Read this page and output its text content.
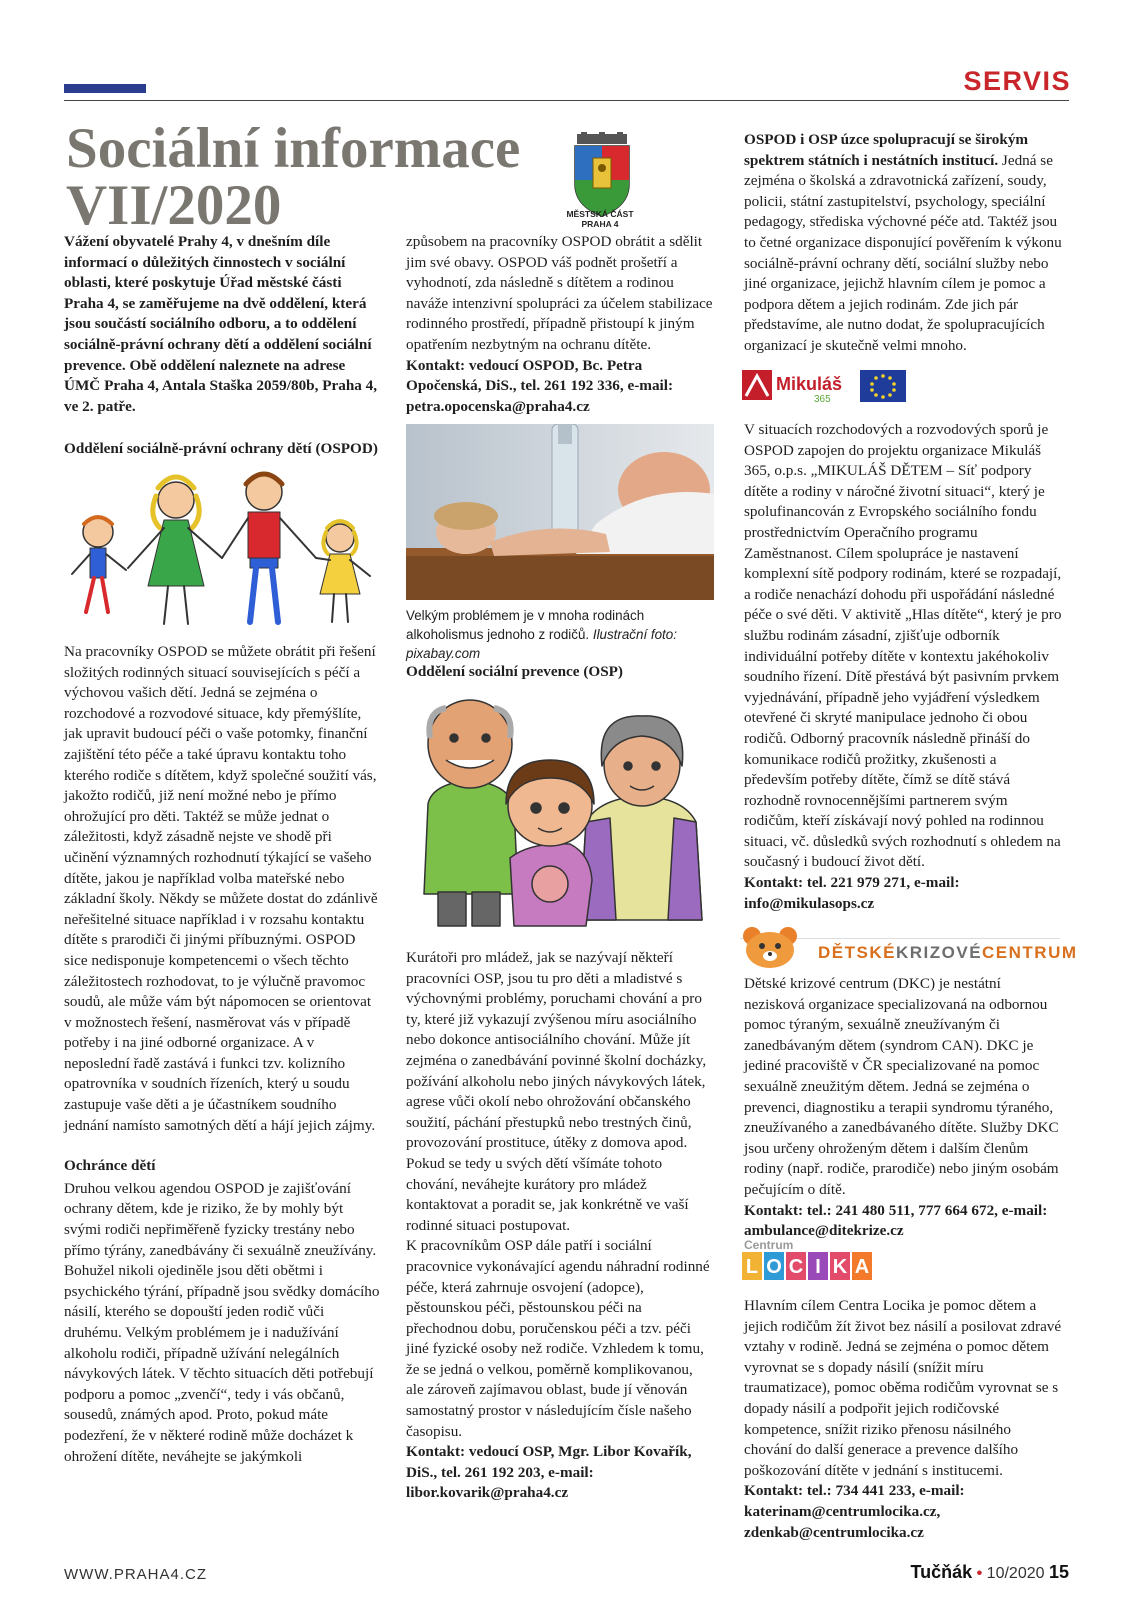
SERVIS
Sociální informace
VII/2020	MĚSTSKÁ ČÁST
PRAHA 4

Vážení obyvatelé Prahy 4, v dnešním díle informací o důležitých činnostech v sociální oblasti, které poskytuje Úřad městské části Praha 4, se zaměřujeme na dvě oddělení, která jsou součástí sociálního odboru, a to oddělení sociálně-právní ochrany dětí a oddělení sociální prevence. Obě oddělení naleznete na adrese ÚMČ Praha 4, Antala Staška 2059/80b, Praha 4, ve 2. patře.

Oddělení sociálně-právní ochrany dětí (OSPOD)

Na pracovníky OSPOD se můžete obrátit při řešení složitých rodinných situací souvisejících s péčí a výchovou vašich dětí. Jedná se zejména o rozchodové a rozvodové situace, kdy přemýšlíte, jak upravit budoucí péči o vaše potomky, finanční zajištění této péče a také úpravu kontaktu toho kterého rodiče s dítětem, když společné soužití vás, jakožto rodičů, již není možné nebo je přímo ohrožující pro děti. Taktéž se může jednat o záležitosti, když zásadně nejste ve shodě při učinění významných rozhodnutí týkající se vašeho dítěte, jakou je například volba mateřské nebo základní školy. Někdy se můžete dostat do zdánlivě neřešitelné situace například i v rozsahu kontaktu dítěte s prarodiči či jinými příbuznými. OSPOD sice nedisponuje kompetencemi o všech těchto záležitostech rozhodovat, to je výlučně pravomoc soudů, ale může vám být nápomocen se orientovat v možnostech řešení, nasměrovat vás v případě potřeby i na jiné odborné organizace. A v neposlední řadě zastává i funkci tzv. kolizního opatrovníka v soudních řízeních, který u soudu zastupuje vaše děti a je účastníkem soudního jednání namísto samotných dětí a hájí jejich zájmy.

Ochránce dětí

Druhou velkou agendou OSPOD je zajišťování ochrany dětem, kde je riziko, že by mohly být svými rodiči nepřiměřeně fyzicky trestány nebo přímo týrány, zanedbávány či sexuálně zneužívány. Bohužel nikoli ojediněle jsou děti obětmi i psychického týrání, případně jsou svědky domácího násilí, kterého se dopouští jeden rodič vůči druhému. Velkým problémem je i nadužívání alkoholu rodiči, případně užívání nelegálních návykových látek. V těchto situacích děti potřebují podporu a pomoc „zvenčí“, tedy i vás občanů, sousedů, známých apod. Proto, pokud máte podezření, že v některé rodině může docházet k ohrožení dítěte, neváhejte se jakýmkoli

způsobem na pracovníky OSPOD obrátit a sdělit jim své obavy. OSPOD váš podnět prošetří a vyhodnotí, zda následně s dítětem a rodinou naváže intenzivní spolupráci za účelem stabilizace rodinného prostředí, případně přistoupí k jiným opatřením nezbytným na ochranu dítěte.

Kontakt: vedoucí OSPOD, Bc. Petra Opočenská, DiS., tel. 261 192 336, e-mail: petra.opocenska@praha4.cz

Velkým problémem je v mnoha rodinách alkoholismus jednoho z rodičů. Ilustrační foto: pixabay.com

Oddělení sociální prevence (OSP)

Kurátoři pro mládež, jak se nazývají někteří pracovníci OSP, jsou tu pro děti a mladistvé s výchovnými problémy, poruchami chování a pro ty, které již vykazují zvýšenou míru asociálního nebo dokonce antisociálního chování. Může jít zejména o zanedbávání povinné školní docházky, požívání alkoholu nebo jiných návykových látek, agrese vůči okolí nebo ohrožování občanského soužití, páchání přestupků nebo trestných činů, provozování prostituce, útěky z domova apod. Pokud se tedy u svých dětí všímáte tohoto chování, neváhejte kurátory pro mládež kontaktovat a poradit se, jak konkrétně ve vaší rodinné situaci postupovat.

K pracovníkům OSP dále patří i sociální pracovnice vykonávající agendu náhradní rodinné péče, která zahrnuje osvojení (adopce), pěstounskou péči, pěstounskou péči na přechodnou dobu, poručenskou péči a tzv. péči jiné fyzické osoby než rodiče. Vzhledem k tomu, že se jedná o velkou, poměrně komplikovanou, ale zároveň zajímavou oblast, bude jí věnován samostatný prostor v následujícím čísle našeho časopisu.

Kontakt: vedoucí OSP, Mgr. Libor Kovařík, DiS., tel. 261 192 203, e-mail: libor.kovarik@praha4.cz

OSPOD i OSP úzce spolupracují se širokým spektrem státních i nestátních institucí. Jedná se zejména o školská a zdravotnická zařízení, soudy, policii, státní zastupitelství, psychology, speciální pedagogy, střediska výchovné péče atd. Taktéž jsou to četné organizace disponující pověřením k výkonu sociálně-právní ochrany dětí, sociální služby nebo jiné organizace, jejichž hlavním cílem je pomoc a podpora dětem a jejich rodinám. Zde jich pár představíme, ale nutno dodat, že spolupracujících organizací je skutečně velmi mnoho.

Mikuláš
365

V situacích rozchodových a rozvodových sporů je OSPOD zapojen do projektu organizace Mikuláš 365, o.p.s. „MIKULÁŠ DĚTEM – Síť podpory dítěte a rodiny v náročné životní situaci“, který je spolufinancován z Evropského sociálního fondu prostřednictvím Operačního programu Zaměstnanost. Cílem spolupráce je nastavení komplexní sítě podpory rodinám, které se rozpadají, a rodiče nenachází dohodu při uspořádání následné péče o své děti. V aktivitě „Hlas dítěte“, který je pro službu rodinám zásadní, zjišťuje odborník individuální potřeby dítěte v kontextu jakéhokoliv soudního řízení. Dítě přestává být pasivním prvkem vyjednávání, případně jeho vyjádření výsledkem otevřené či skryté manipulace jednoho či obou rodičů. Odborný pracovník následně přináší do komunikace rodičů prožitky, zkušenosti a především potřeby dítěte, čímž se dítě stává rozhodně rovnocennějšími partnerem svým rodičům, kteří získávají nový pohled na rodinnou situaci, vč. důsledků svých rozhodnutí s ohledem na současný i budoucí život dětí.

Kontakt: tel. 221 979 271, e-mail: info@mikulasops.cz

DĚTSKÉKRIZOVÉCENTRUM

Dětské krizové centrum (DKC) je nestátní nezisková organizace specializovaná na odbornou pomoc týraným, sexuálně zneužívaným či zanedbávaným dětem (syndrom CAN). DKC je jediné pracoviště v ČR specializované na pomoc sexuálně zneužitým dětem. Jedná se zejména o prevenci, diagnostiku a terapii syndromu týraného, zneužívaného a zanedbávaného dítěte. Služby DKC jsou určeny ohroženým dětem i dalším členům rodiny (např. rodiče, prarodiče) nebo jiným osobám pečujícím o dítě.

Kontakt: tel.: 241 480 511, 777 664 672, e-mail: ambulance@ditekrize.cz

Centrum
L O C I K A

Hlavním cílem Centra Locika je pomoc dětem a jejich rodičům žít život bez násilí a posilovat zdravé vztahy v rodině. Jedná se zejména o pomoc dětem vyrovnat se s dopady násilí (snížit míru traumatizace), pomoc oběma rodičům vyrovnat se s dopady násilí a podpořit jejich rodičovské kompetence, snížit riziko přenosu násilného chování do další generace a prevence dalšího poškozování dítěte v jednání s institucemi.

Kontakt: tel.: 734 441 233, e-mail: katerinam@centrumlocika.cz, zdenkab@centrumlocika.cz

WWW.PRAHA4.CZ	Tučňák • 10/2020 15
